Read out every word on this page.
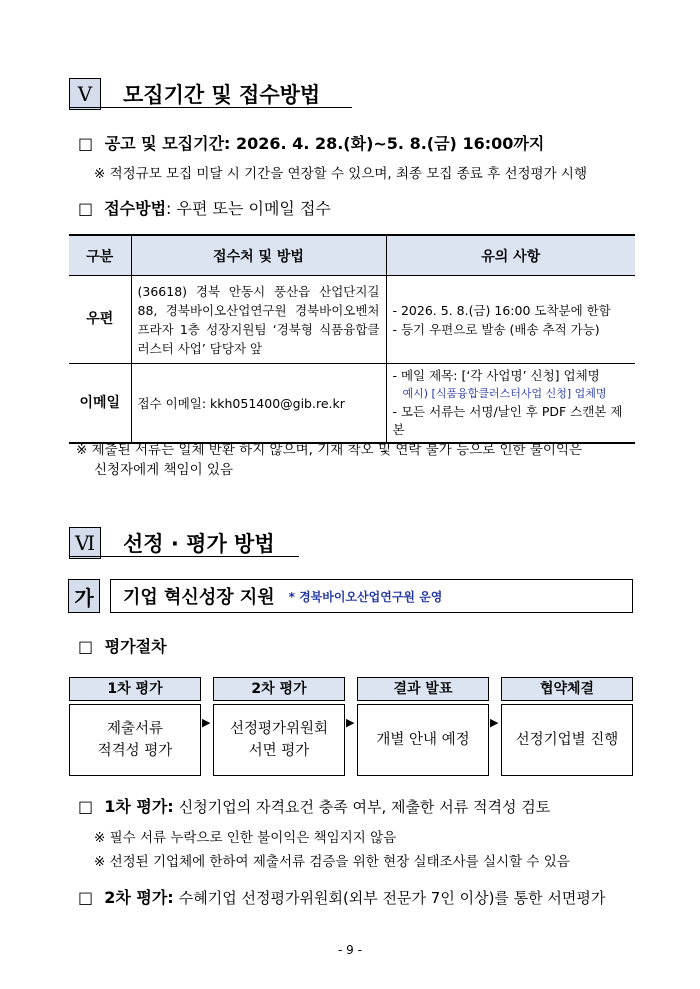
Ⅴ	모집기간 및 접수방법
□ 공고 및 모집기간: 2026. 4. 28.(화)~5. 8.(금) 16:00까지
※ 적정규모 모집 미달 시 기간을 연장할 수 있으며, 최종 모집 종료 후 선정평가 시행
□ 접수방법: 우편 또는 이메일 접수
구분	접수처 및 방법	유의 사항
우편	(36618) 경북 안동시 풍산읍 산업단지길 88, 경북바이오산업연구원 경북바이오벤처프라자 1층 성장지원팀 ‘경북형 식품융합클러스터 사업’ 담당자 앞	- 2026. 5. 8.(금) 16:00 도착분에 한함
- 등기 우편으로 발송 (배송 추적 가능)

이메일	접수 이메일: kkh051400@gib.re.kr	- 메일 제목: [‘각 사업명’ 신청] 업체명
예시) [식품융합클러스터사업 신청] 업체명
- 모든 서류는 서명/날인 후 PDF 스캔본 제본
※ 제출된 서류는 일체 반환 하지 않으며, 기재 착오 및 연락 불가 등으로 인한 불이익은
신청자에게 책임이 있음
Ⅵ 선정 · 평가 방법
가	기업 혁신성장 지원 * 경북바이오산업연구원 운영
□ 평가절차
1차 평가
제출서류
적격성 평가
▶
2차 평가
선정평가위원회
서면 평가
▶
결과 발표
개별 안내 예정
▶
협약체결
선정기업별 진행
□ 1차 평가: 신청기업의 자격요건 충족 여부, 제출한 서류 적격성 검토
※ 필수 서류 누락으로 인한 불이익은 책임지지 않음
※ 선정된 기업체에 한하여 제출서류 검증을 위한 현장 실태조사를 실시할 수 있음
□ 2차 평가: 수혜기업 선정평가위원회(외부 전문가 7인 이상)를 통한 서면평가
- 9 -
